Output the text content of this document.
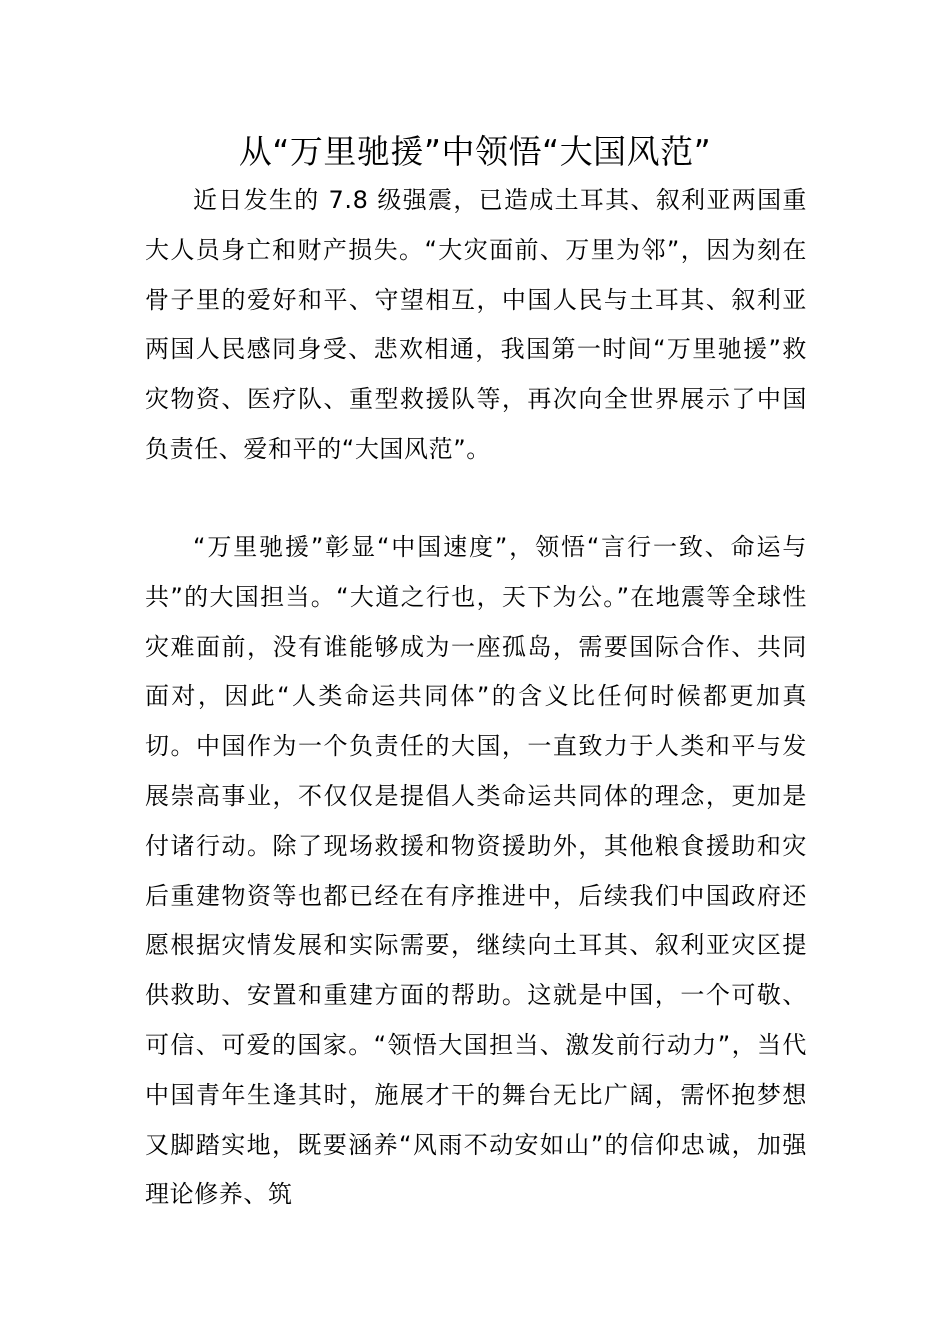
从“万里驰援”中领悟“大国风范”

近日发生的 7.8 级强震，已造成土耳其、叙利亚两国重大人员身亡和财产损失。“大灾面前、万里为邻”，因为刻在骨子里的爱好和平、守望相互，中国人民与土耳其、叙利亚两国人民感同身受、悲欢相通，我国第一时间“万里驰援”救灾物资、医疗队、重型救援队等，再次向全世界展示了中国负责任、爱和平的“大国风范”。

“万里驰援”彰显“中国速度”，领悟“言行一致、命运与共”的大国担当。“大道之行也，天下为公。”在地震等全球性灾难面前，没有谁能够成为一座孤岛，需要国际合作、共同面对，因此“人类命运共同体”的含义比任何时候都更加真切。中国作为一个负责任的大国，一直致力于人类和平与发展崇高事业，不仅仅是提倡人类命运共同体的理念，更加是付诸行动。除了现场救援和物资援助外，其他粮食援助和灾后重建物资等也都已经在有序推进中，后续我们中国政府还愿根据灾情发展和实际需要，继续向土耳其、叙利亚灾区提供救助、安置和重建方面的帮助。这就是中国，一个可敬、可信、可爱的国家。“领悟大国担当、激发前行动力”，当代中国青年生逢其时，施展才干的舞台无比广阔，需怀抱梦想又脚踏实地，既要涵养“风雨不动安如山”的信仰忠诚，加强理论修养、筑
